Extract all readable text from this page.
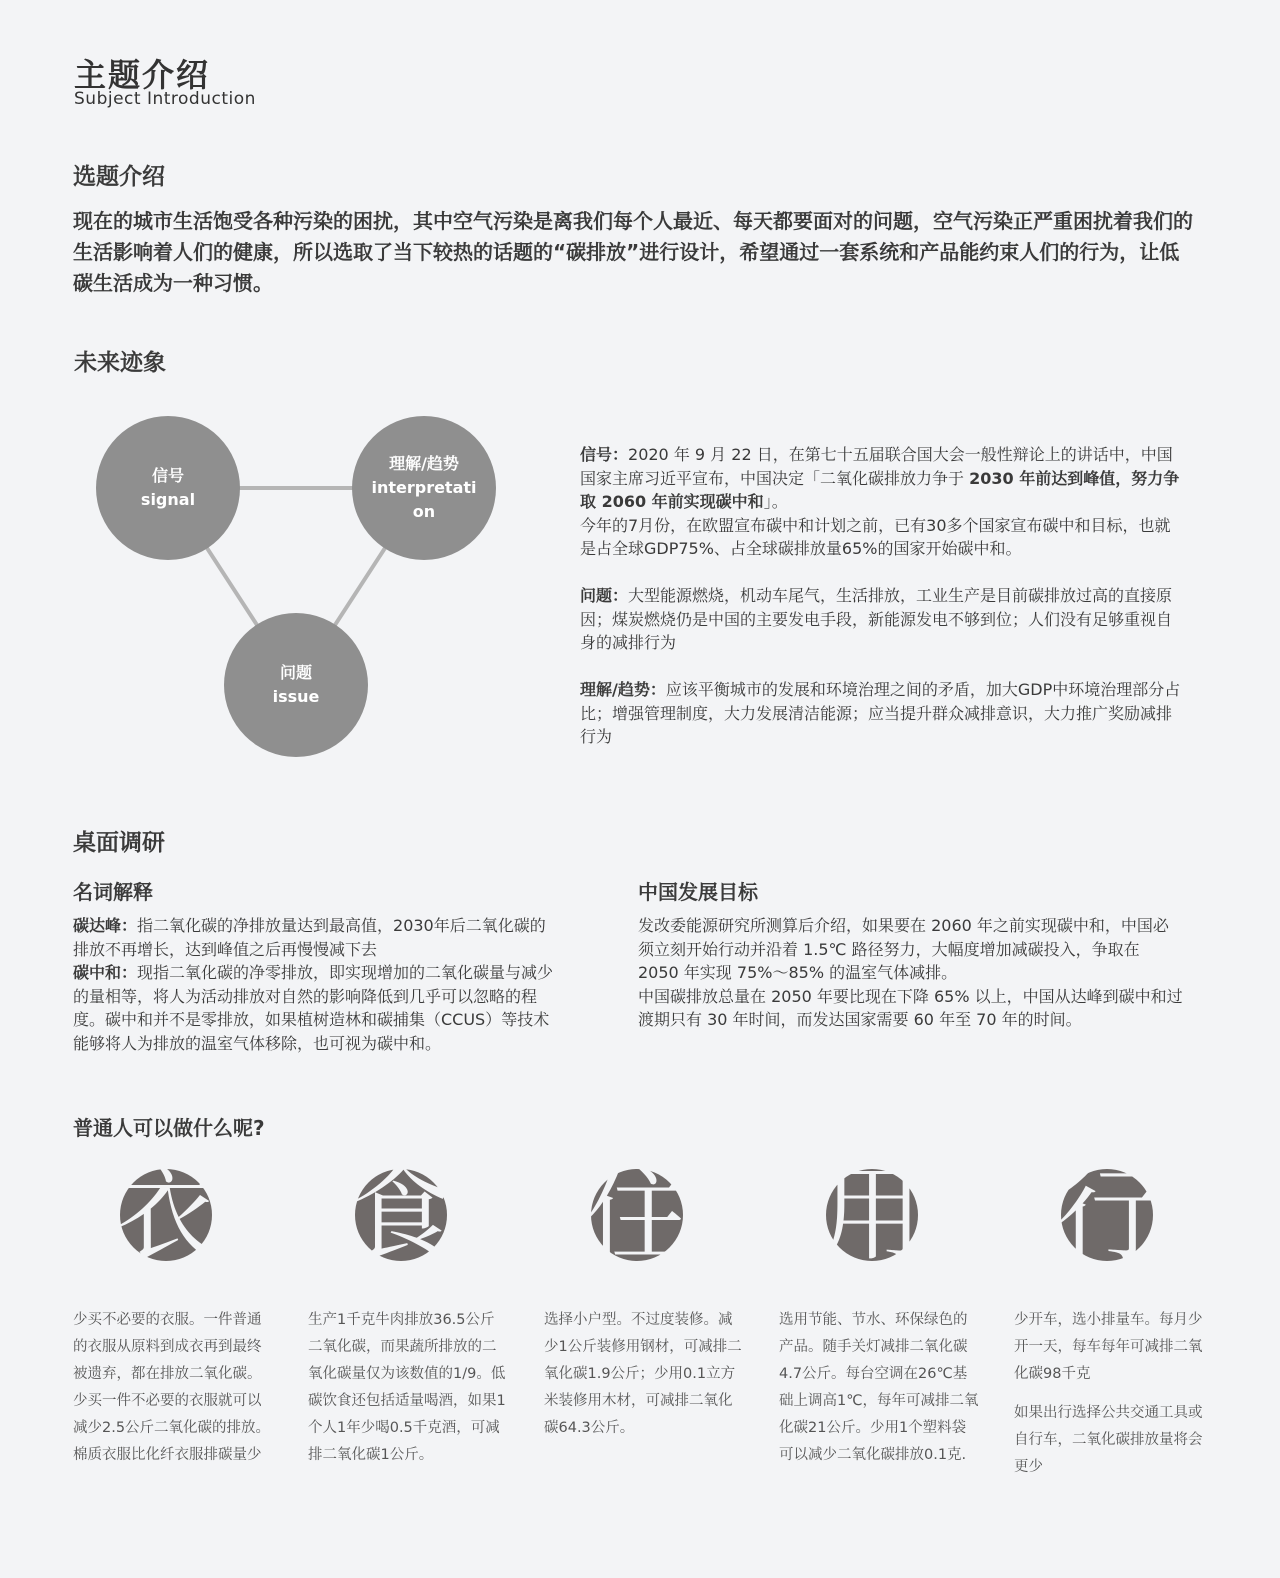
主题介绍
Subject Introduction
选题介绍
现在的城市生活饱受各种污染的困扰，其中空气污染是离我们每个人最近、每天都要面对的问题，空气污染正严重困扰着我们的生活影响着人们的健康，所以选取了当下较热的话题的“碳排放”进行设计，希望通过一套系统和产品能约束人们的行为，让低碳生活成为一种习惯。
未来迹象
信号
signal
理解/趋势
interpretation
问题
issue
信号：2020 年 9 月 22 日，在第七十五届联合国大会一般性辩论上的讲话中，中国国家主席习近平宣布，中国决定「二氧化碳排放力争于 2030 年前达到峰值，努力争取 2060 年前实现碳中和」。
今年的7月份，在欧盟宣布碳中和计划之前，已有30多个国家宣布碳中和目标，也就是占全球GDP75%、占全球碳排放量65%的国家开始碳中和。
问题：大型能源燃烧，机动车尾气，生活排放，工业生产是目前碳排放过高的直接原因；煤炭燃烧仍是中国的主要发电手段，新能源发电不够到位；人们没有足够重视自身的减排行为
理解/趋势：应该平衡城市的发展和环境治理之间的矛盾，加大GDP中环境治理部分占比；增强管理制度，大力发展清洁能源；应当提升群众减排意识，大力推广奖励减排行为
桌面调研
名词解释
碳达峰：指二氧化碳的净排放量达到最高值，2030年后二氧化碳的排放不再增长，达到峰值之后再慢慢减下去
碳中和：现指二氧化碳的净零排放，即实现增加的二氧化碳量与减少的量相等，将人为活动排放对自然的影响降低到几乎可以忽略的程度。碳中和并不是零排放，如果植树造林和碳捕集（CCUS）等技术能够将人为排放的温室气体移除，也可视为碳中和。
中国发展目标
发改委能源研究所测算后介绍，如果要在 2060 年之前实现碳中和，中国必须立刻开始行动并沿着 1.5℃ 路径努力，大幅度增加减碳投入，争取在 2050 年实现 75%～85% 的温室气体减排。
中国碳排放总量在 2050 年要比现在下降 65% 以上，中国从达峰到碳中和过渡期只有 30 年时间，而发达国家需要 60 年至 70 年的时间。
普通人可以做什么呢?
衣 食 住 用 行
少买不必要的衣服。一件普通的衣服从原料到成衣再到最终被遗弃，都在排放二氧化碳。少买一件不必要的衣服就可以减少2.5公斤二氧化碳的排放。棉质衣服比化纤衣服排碳量少
生产1千克牛肉排放36.5公斤二氧化碳，而果蔬所排放的二氧化碳量仅为该数值的1/9。低碳饮食还包括适量喝酒，如果1个人1年少喝0.5千克酒，可减排二氧化碳1公斤。
选择小户型。不过度装修。减少1公斤装修用钢材，可减排二氧化碳1.9公斤；少用0.1立方米装修用木材，可减排二氧化碳64.3公斤。
选用节能、节水、环保绿色的产品。随手关灯减排二氧化碳4.7公斤。每台空调在26℃基础上调高1℃，每年可减排二氧化碳21公斤。少用1个塑料袋可以减少二氧化碳排放0.1克.
少开车，选小排量车。每月少开一天，每车每年可减排二氧化碳98千克
如果出行选择公共交通工具或自行车，二氧化碳排放量将会更少
